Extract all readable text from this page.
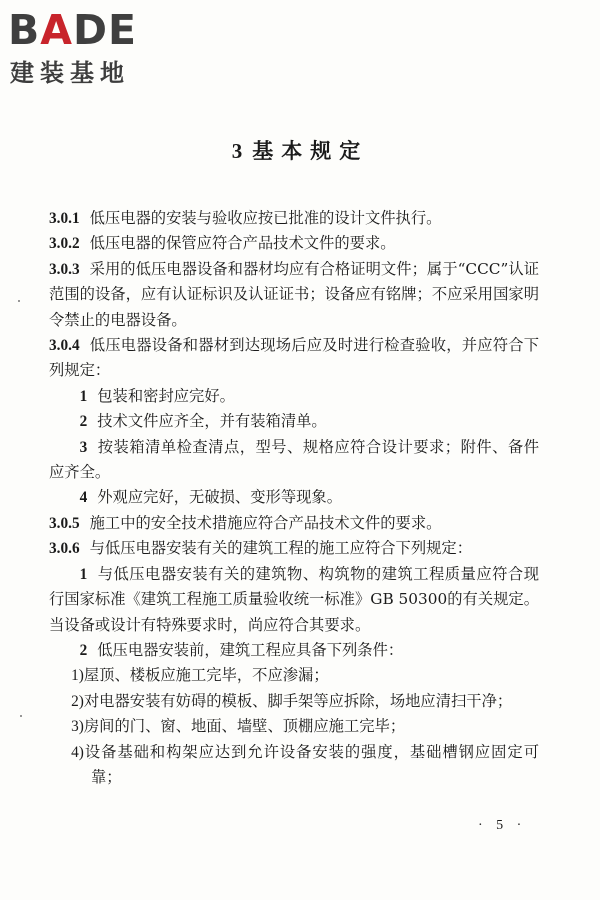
BADE
建装基地
3 基本规定

3.0.1 低压电器的安装与验收应按已批准的设计文件执行。

3.0.2 低压电器的保管应符合产品技术文件的要求。

3.0.3 采用的低压电器设备和器材均应有合格证明文件；属于“CCC”认证范围的设备，应有认证标识及认证证书；设备应有铭牌；不应采用国家明令禁止的电器设备。

3.0.4 低压电器设备和器材到达现场后应及时进行检查验收，并应符合下列规定：

1 包装和密封应完好。

2 技术文件应齐全，并有装箱清单。

3 按装箱清单检查清点，型号、规格应符合设计要求；附件、备件应齐全。

4 外观应完好，无破损、变形等现象。

3.0.5 施工中的安全技术措施应符合产品技术文件的要求。

3.0.6 与低压电器安装有关的建筑工程的施工应符合下列规定：

1 与低压电器安装有关的建筑物、构筑物的建筑工程质量应符合现行国家标准《建筑工程施工质量验收统一标准》GB 50300的有关规定。当设备或设计有特殊要求时，尚应符合其要求。

2 低压电器安装前，建筑工程应具备下列条件：

1)屋顶、楼板应施工完毕，不应渗漏；

2)对电器安装有妨碍的模板、脚手架等应拆除，场地应清扫干净；

3)房间的门、窗、地面、墙壁、顶棚应施工完毕；

4)设备基础和构架应达到允许设备安装的强度，基础槽钢应固定可靠；

· 5 ·
